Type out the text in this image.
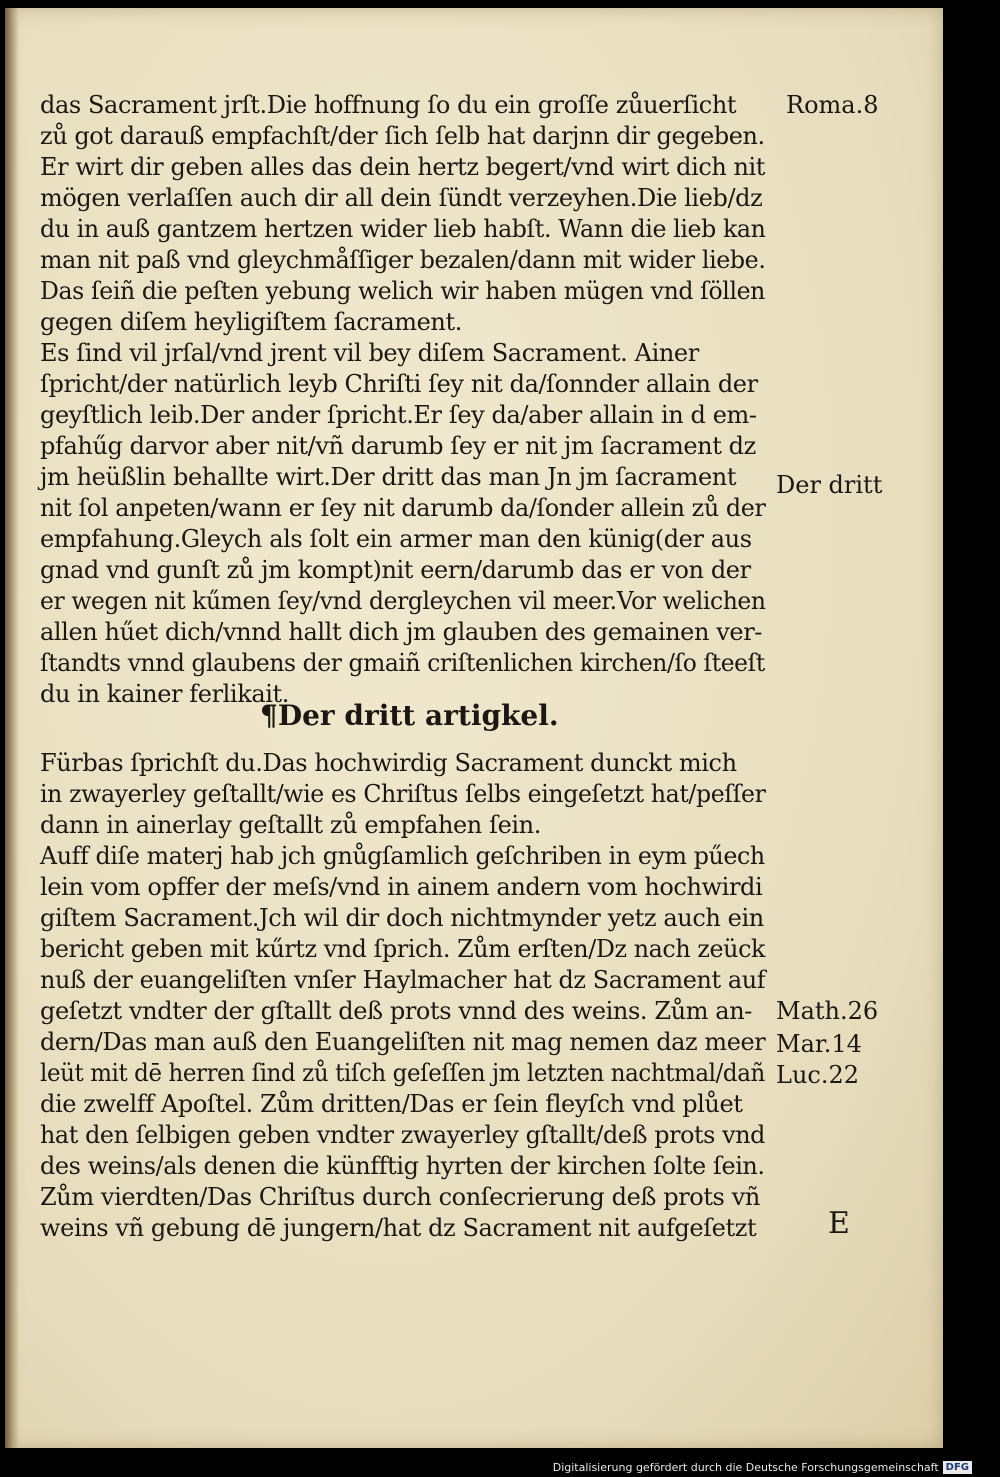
das Sacrament jrſt.Die hoffnung ſo du ein groſſe zůuerſicht
zů got darauß empfachſt/der ſich ſelb hat darjnn dir gegeben.
Er wirt dir geben alles das dein hertz begert/vnd wirt dich nit
mögen verlaſſen auch dir all dein ſündt verzeyhen.Die lieb/dz
du in auß gantzem hertzen wider lieb habſt. Wann die lieb kan
man nit paß vnd gleychmåſſiger bezalen/dann mit wider liebe.
Das ſeiñ die peſten yebung welich wir haben mügen vnd ſöllen
gegen diſem heyligiſtem ſacrament.
Es ſind vil jrſal/vnd jrent vil bey diſem Sacrament. Ainer
ſpricht/der natürlich leyb Chriſti ſey nit da/ſonnder allain der
geyſtlich leib.Der ander ſpricht.Er ſey da/aber allain in d em-
pfahűg darvor aber nit/vñ darumb ſey er nit jm ſacrament dz
jm heüßlin behallte wirt.Der dritt das man Jn jm ſacrament
nit ſol anpeten/wann er ſey nit darumb da/ſonder allein zů der
empfahung.Gleych als ſolt ein armer man den künig(der aus
gnad vnd gunſt zů jm kompt)nit eern/darumb das er von der
er wegen nit kűmen ſey/vnd dergleychen vil meer.Vor welichen
allen hűet dich/vnnd hallt dich jm glauben des gemainen ver-
ſtandts vnnd glaubens der gmaiñ criſtenlichen kirchen/ſo ſteeſt
du in kainer ferlikait.
¶Der dritt artigkel.
Fürbas ſprichſt du.Das hochwirdig Sacrament dunckt mich
in zwayerley geſtallt/wie es Chriſtus ſelbs eingeſetzt hat/peſſer
dann in ainerlay geſtallt zů empfahen ſein.
Auff diſe materj hab jch gnůgſamlich geſchriben in eym pűech
lein vom opffer der meſs/vnd in ainem andern vom hochwirdi
giſtem Sacrament.Jch wil dir doch nichtmynder yetz auch ein
bericht geben mit kűrtz vnd ſprich. Zům erſten/Dz nach zeück
nuß der euangeliſten vnſer Haylmacher hat dz Sacrament auf
geſetzt vndter der gſtallt deß prots vnnd des weins. Zům an-
dern/Das man auß den Euangeliſten nit mag nemen daz meer
leüt mit dē herren ſind zů tiſch geſeſſen jm letzten nachtmal/dañ
die zwelff Apoſtel. Zům dritten/Das er ſein fleyſch vnd plůet
hat den ſelbigen geben vndter zwayerley gſtallt/deß prots vnd
des weins/als denen die künfftig hyrten der kirchen ſolte ſein.
Zům vierdten/Das Chriſtus durch conſecrierung deß prots vñ
weins vñ gebung dē jungern/hat dz Sacrament nit aufgeſetzt
Roma.8
Der dritt
Math.26
Mar.14
Luc.22
E
Digitalisierung gefördert durch die Deutsche Forschungsgemeinschaft DFG
